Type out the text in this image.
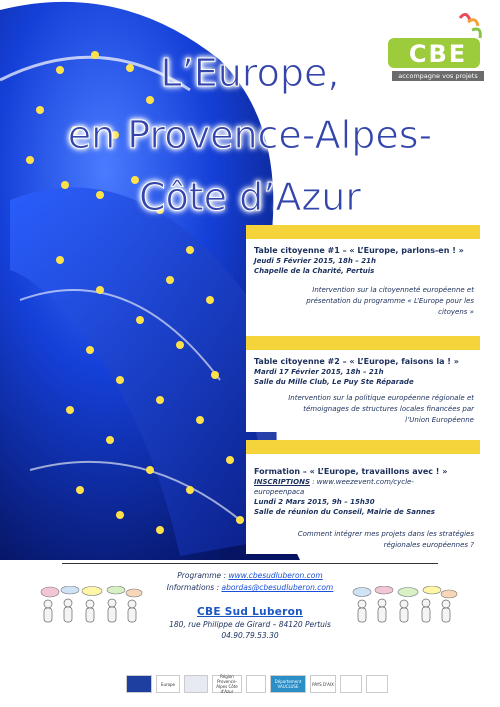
CBE
accompagne vos projets
L’Europe,
en Provence-Alpes-
Côte d’Azur
Table citoyenne #1 – « L’Europe, parlons-en ! »
Jeudi 5 Février 2015, 18h – 21h
Chapelle de la Charité, Pertuis
Intervention sur la citoyenneté européenne et
présentation du programme « L’Europe pour les
citoyens »
Table citoyenne #2 – « L’Europe, faisons la ! »
Mardi 17 Février 2015, 18h – 21h
Salle du Mille Club, Le Puy Ste Réparade
Intervention sur la politique européenne régionale et
témoignages de structures locales financées par
l’Union Européenne
Formation – « L’Europe, travaillons avec ! »
INSCRIPTIONS : www.weezevent.com/cycle-
europeenpaca
Lundi 2 Mars 2015, 9h – 15h30
Salle de réunion du Conseil, Mairie de Sannes
Comment intégrer mes projets dans les stratégies
régionales européennes ?
Programme : www.cbesudluberon.com
Informations : abordas@cbesudluberon.com
CBE Sud Luberon
180, rue Philippe de Girard – 84120 Pertuis
04.90.79.53.30
Europe
Région Provence-Alpes Côte d'Azur
Département VAUCLUSE	PAYS D'AIX
